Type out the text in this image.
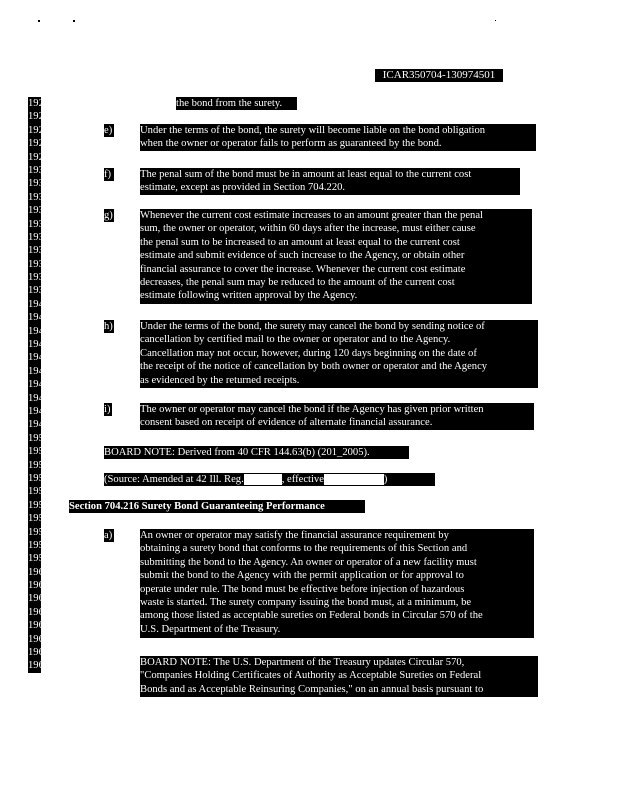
ICAR350704-130974501
1925
1926
1927
1928
1929
1930
1931
1932
1933
1934
1935
1936
1937
1938
1939
1940
1941
1942
1943
1944
1945
1946
1947
1948
1949
1950
1951
1952
1953
1954
1955
1956
1957
1958
1959
1960
1961
1962
1963
1964
1965
1966
1967
the bond from the surety.
e)	Under the terms of the bond, the surety will become liable on the bond obligation
when the owner or operator fails to perform as guaranteed by the bond.
f)	The penal sum of the bond must be in amount at least equal to the current cost
estimate, except as provided in Section 704.220.
g)	Whenever the current cost estimate increases to an amount greater than the penal
sum, the owner or operator, within 60 days after the increase, must either cause
the penal sum to be increased to an amount at least equal to the current cost
estimate and submit evidence of such increase to the Agency, or obtain other
financial assurance to cover the increase. Whenever the current cost estimate
decreases, the penal sum may be reduced to the amount of the current cost
estimate following written approval by the Agency.
h)	Under the terms of the bond, the surety may cancel the bond by sending notice of
cancellation by certified mail to the owner or operator and to the Agency.
Cancellation may not occur, however, during 120 days beginning on the date of
the receipt of the notice of cancellation by both owner or operator and the Agency
as evidenced by the returned receipts.
i)	The owner or operator may cancel the bond if the Agency has given prior written
consent based on receipt of evidence of alternate financial assurance.
BOARD NOTE: Derived from 40 CFR 144.63(b) (201_2005).
(Source: Amended at 42 Ill. Reg.	, effective	)
Section 704.216 Surety Bond Guaranteeing Performance
a)	An owner or operator may satisfy the financial assurance requirement by
obtaining a surety bond that conforms to the requirements of this Section and
submitting the bond to the Agency. An owner or operator of a new facility must
submit the bond to the Agency with the permit application or for approval to
operate under rule. The bond must be effective before injection of hazardous
waste is started. The surety company issuing the bond must, at a minimum, be
among those listed as acceptable sureties on Federal bonds in Circular 570 of the
U.S. Department of the Treasury.
BOARD NOTE: The U.S. Department of the Treasury updates Circular 570,
"Companies Holding Certificates of Authority as Acceptable Sureties on Federal
Bonds and as Acceptable Reinsuring Companies," on an annual basis pursuant to
